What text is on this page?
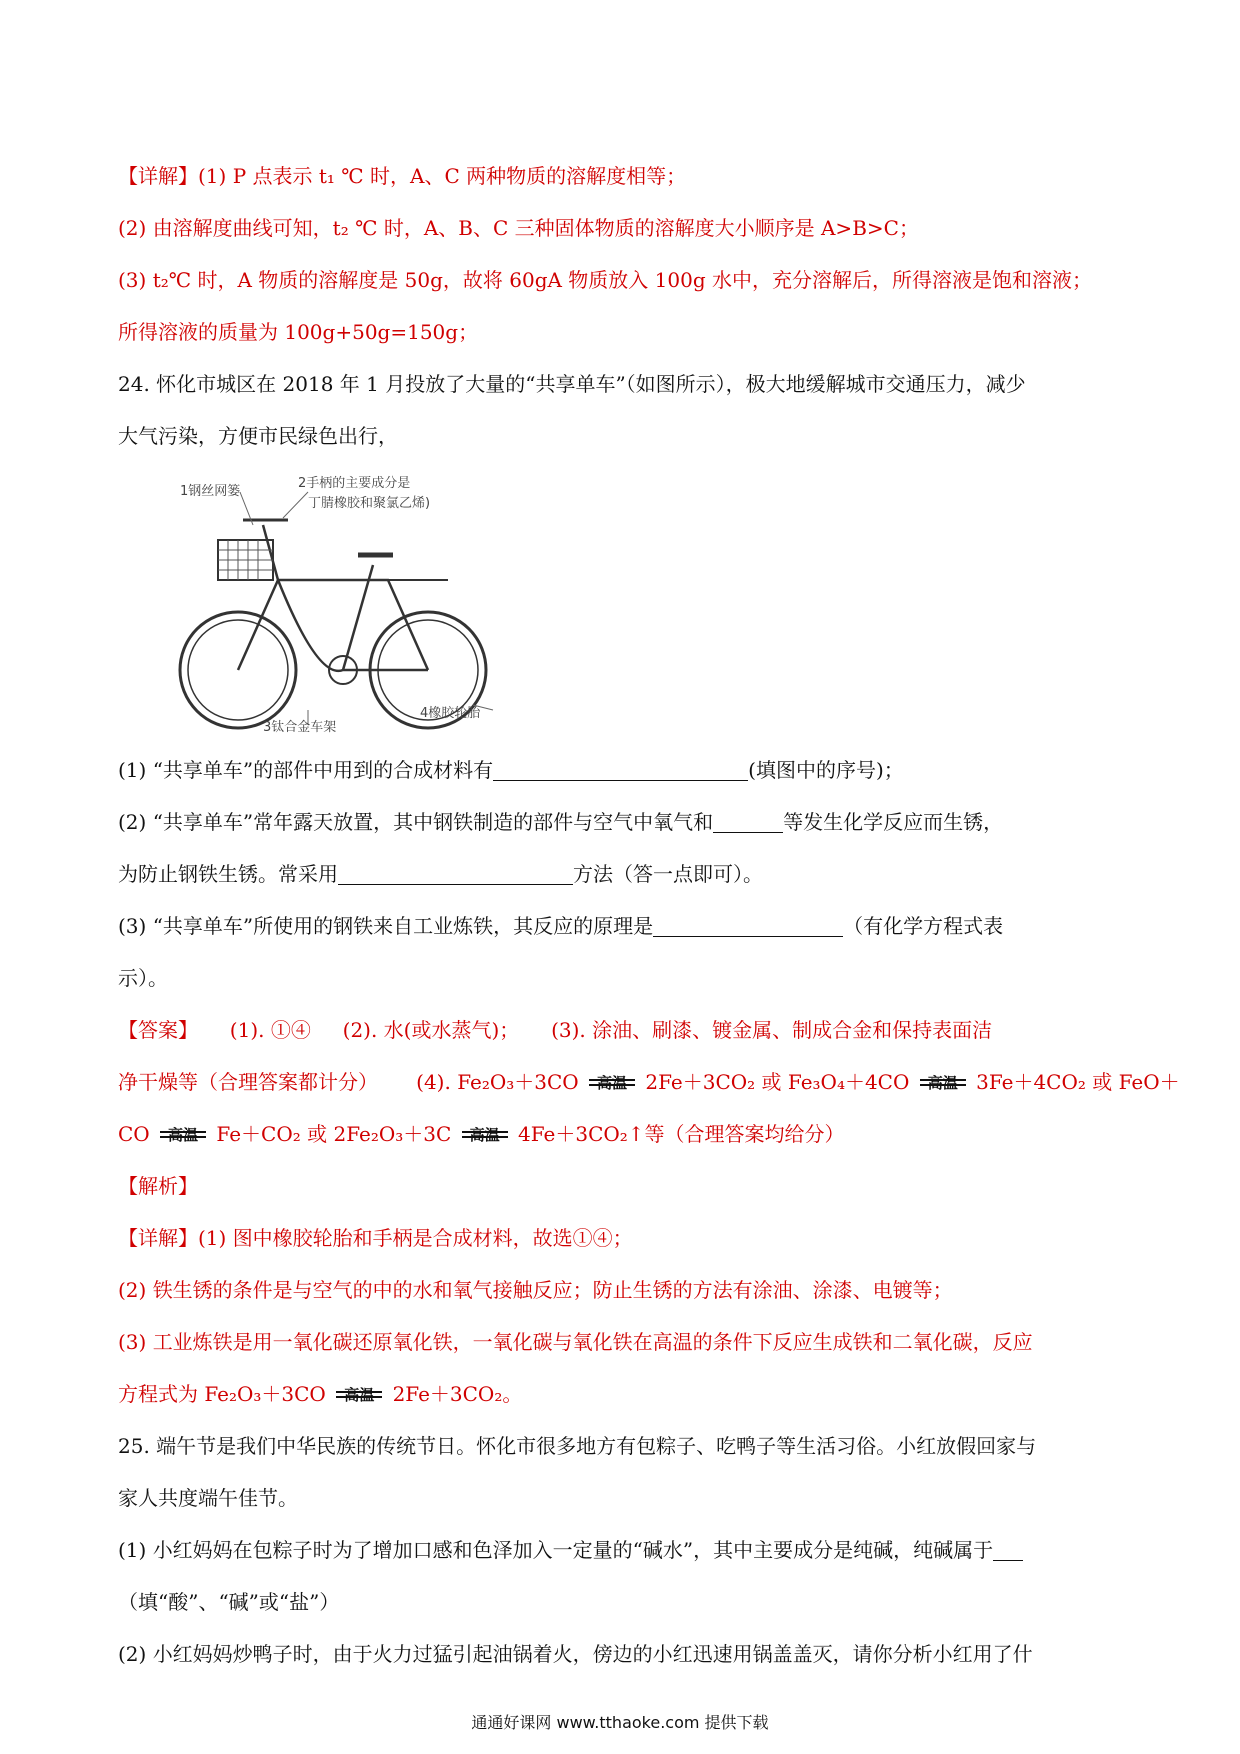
【详解】(1) P 点表示 t₁ ℃ 时，A、C 两种物质的溶解度相等；
(2) 由溶解度曲线可知，t₂ ℃ 时，A、B、C 三种固体物质的溶解度大小顺序是 A>B>C；
(3) t₂℃ 时，A 物质的溶解度是 50g，故将 60gA 物质放入 100g 水中，充分溶解后，所得溶液是饱和溶液；
所得溶液的质量为 100g+50g=150g；
24. 怀化市城区在 2018 年 1 月投放了大量的“共享单车”（如图所示），极大地缓解城市交通压力，减少
大气污染，方便市民绿色出行，
1钢丝网篓
2手柄的主要成分是
丁腈橡胶和聚氯乙烯)
3钛合金车架
4橡胶轮胎
(1) “共享单车”的部件中用到的合成材料有	(填图中的序号)；
(2) “共享单车”常年露天放置，其中钢铁制造的部件与空气中氧气和	等发生化学反应而生锈，
为防止钢铁生锈。常采用	方法（答一点即可）。
(3) “共享单车”所使用的钢铁来自工业炼铁，其反应的原理是	（有化学方程式表
示）。
【答案】 (1). ①④ (2). 水(或水蒸气)； (3). 涂油、刷漆、镀金属、制成合金和保持表面洁
净干燥等（合理答案都计分） (4). Fe₂O₃＋3CO	高温 2Fe＋3CO₂ 或 Fe₃O₄＋4CO	高温 3Fe＋4CO₂ 或 FeO＋
CO	高温 Fe＋CO₂ 或 2Fe₂O₃＋3C	高温 4Fe＋3CO₂↑等（合理答案均给分）
【解析】
【详解】(1) 图中橡胶轮胎和手柄是合成材料，故选①④；
(2) 铁生锈的条件是与空气的中的水和氧气接触反应；防止生锈的方法有涂油、涂漆、电镀等；
(3) 工业炼铁是用一氧化碳还原氧化铁，一氧化碳与氧化铁在高温的条件下反应生成铁和二氧化碳，反应
方程式为 Fe₂O₃＋3CO	高温 2Fe＋3CO₂。
25. 端午节是我们中华民族的传统节日。怀化市很多地方有包粽子、吃鸭子等生活习俗。小红放假回家与
家人共度端午佳节。
(1) 小红妈妈在包粽子时为了增加口感和色泽加入一定量的“碱水”，其中主要成分是纯碱，纯碱属于
（填“酸”、“碱”或“盐”）
(2) 小红妈妈炒鸭子时，由于火力过猛引起油锅着火，傍边的小红迅速用锅盖盖灭，请你分析小红用了什
通通好课网 www.tthaoke.com 提供下载
